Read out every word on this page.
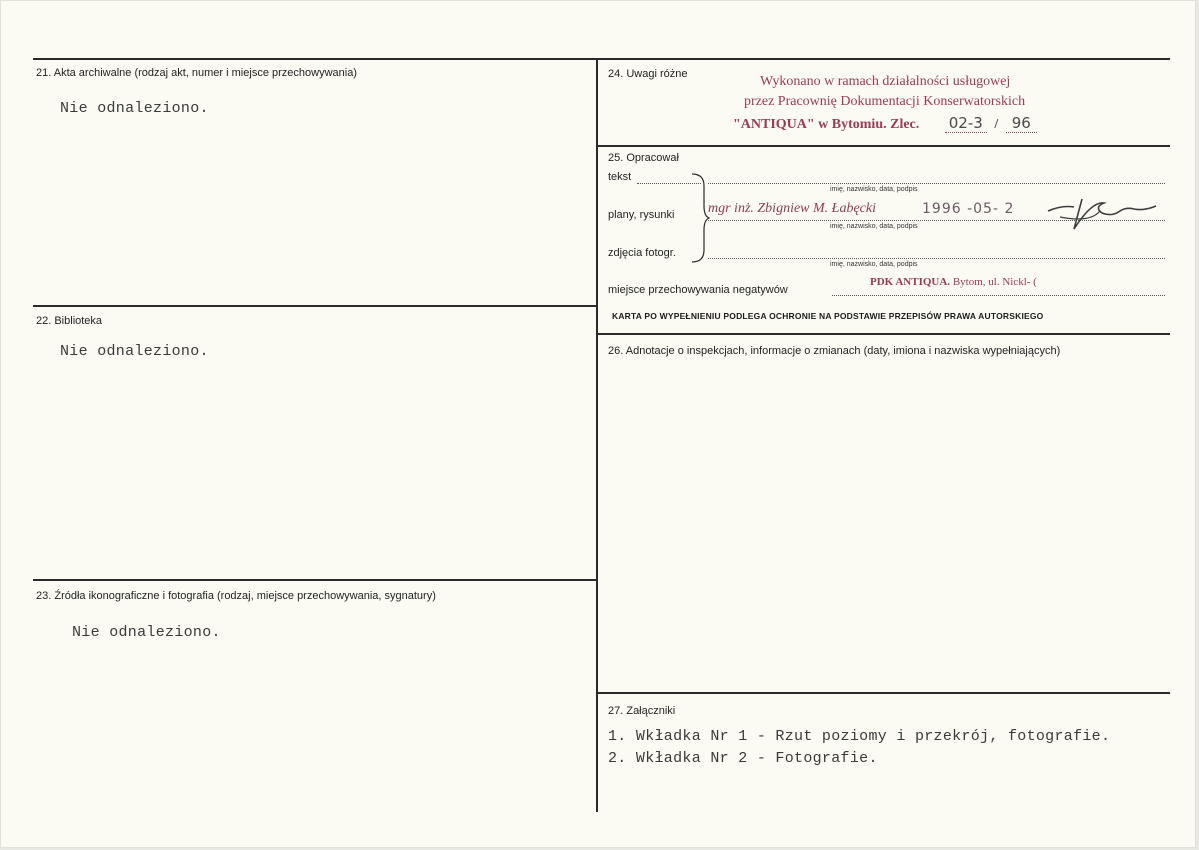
21. Akta archiwalne (rodzaj akt, numer i miejsce przechowywania)
Nie odnaleziono.
22. Biblioteka
Nie odnaleziono.
23. Źródła ikonograficzne i fotografia (rodzaj, miejsce przechowywania, sygnatury)
Nie odnaleziono.
24. Uwagi różne	Wykonano w ramach działalności usługowej
przez Pracownię Dokumentacji Konserwatorskich
"ANTIQUA" w Bytomiu. Zlec. 02-3 / 96
25. Opracował
tekst
imię, nazwisko, data, podpis
plany, rysunki mgr inż. Zbigniew M. Łabęcki	1996 -05- 2
imię, nazwisko, data, podpis
zdjęcia fotogr.
imię, nazwisko, data, podpis
miejsce przechowywania negatywów
PDK ANTIQUA. Bytom, ul. Nickl- (
KARTA PO WYPEŁNIENIU PODLEGA OCHRONIE NA PODSTAWIE PRZEPISÓW PRAWA AUTORSKIEGO
26. Adnotacje o inspekcjach, informacje o zmianach (daty, imiona i nazwiska wypełniających)
27. Załączniki
1. Wkładka Nr 1 - Rzut poziomy i przekrój, fotografie.
2. Wkładka Nr 2 - Fotografie.
